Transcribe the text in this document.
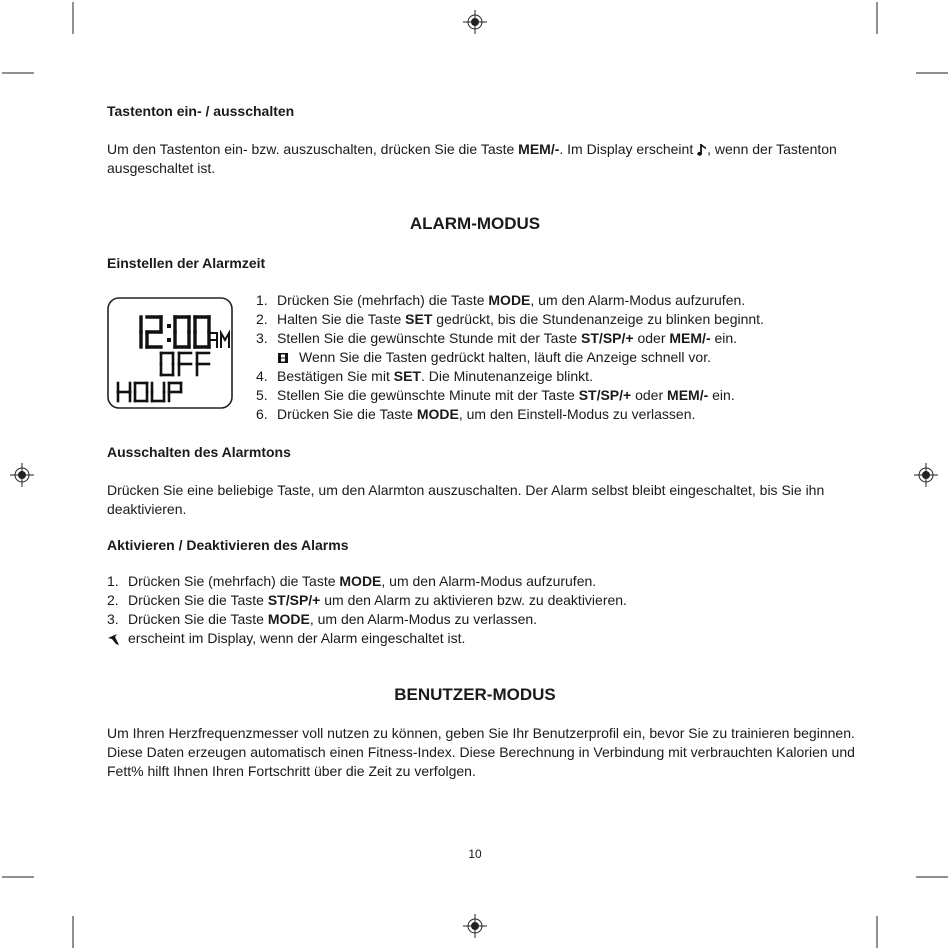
Tastenton ein- / ausschalten
Um den Tastenton ein- bzw. auszuschalten, drücken Sie die Taste MEM/-. Im Display erscheint , wenn der Tastenton
ausgeschaltet ist.
ALARM-MODUS
Einstellen der Alarmzeit
1. Drücken Sie (mehrfach) die Taste MODE, um den Alarm-Modus aufzurufen.
2. Halten Sie die Taste SET gedrückt, bis die Stundenanzeige zu blinken beginnt.
3. Stellen Sie die gewünschte Stunde mit der Taste ST/SP/+ oder MEM/- ein.
Wenn Sie die Tasten gedrückt halten, läuft die Anzeige schnell vor.
4. Bestätigen Sie mit SET. Die Minutenanzeige blinkt.
5. Stellen Sie die gewünschte Minute mit der Taste ST/SP/+ oder MEM/- ein.
6. Drücken Sie die Taste MODE, um den Einstell-Modus zu verlassen.
Ausschalten des Alarmtons
Drücken Sie eine beliebige Taste, um den Alarmton auszuschalten. Der Alarm selbst bleibt eingeschaltet, bis Sie ihn
deaktivieren.
Aktivieren / Deaktivieren des Alarms
1. Drücken Sie (mehrfach) die Taste MODE, um den Alarm-Modus aufzurufen.
2. Drücken Sie die Taste ST/SP/+ um den Alarm zu aktivieren bzw. zu deaktivieren.
3. Drücken Sie die Taste MODE, um den Alarm-Modus zu verlassen.
erscheint im Display, wenn der Alarm eingeschaltet ist.
BENUTZER-MODUS
Um Ihren Herzfrequenzmesser voll nutzen zu können, geben Sie Ihr Benutzerprofil ein, bevor Sie zu trainieren beginnen.
Diese Daten erzeugen automatisch einen Fitness-Index. Diese Berechnung in Verbindung mit verbrauchten Kalorien und
Fett% hilft Ihnen Ihren Fortschritt über die Zeit zu verfolgen.
10
